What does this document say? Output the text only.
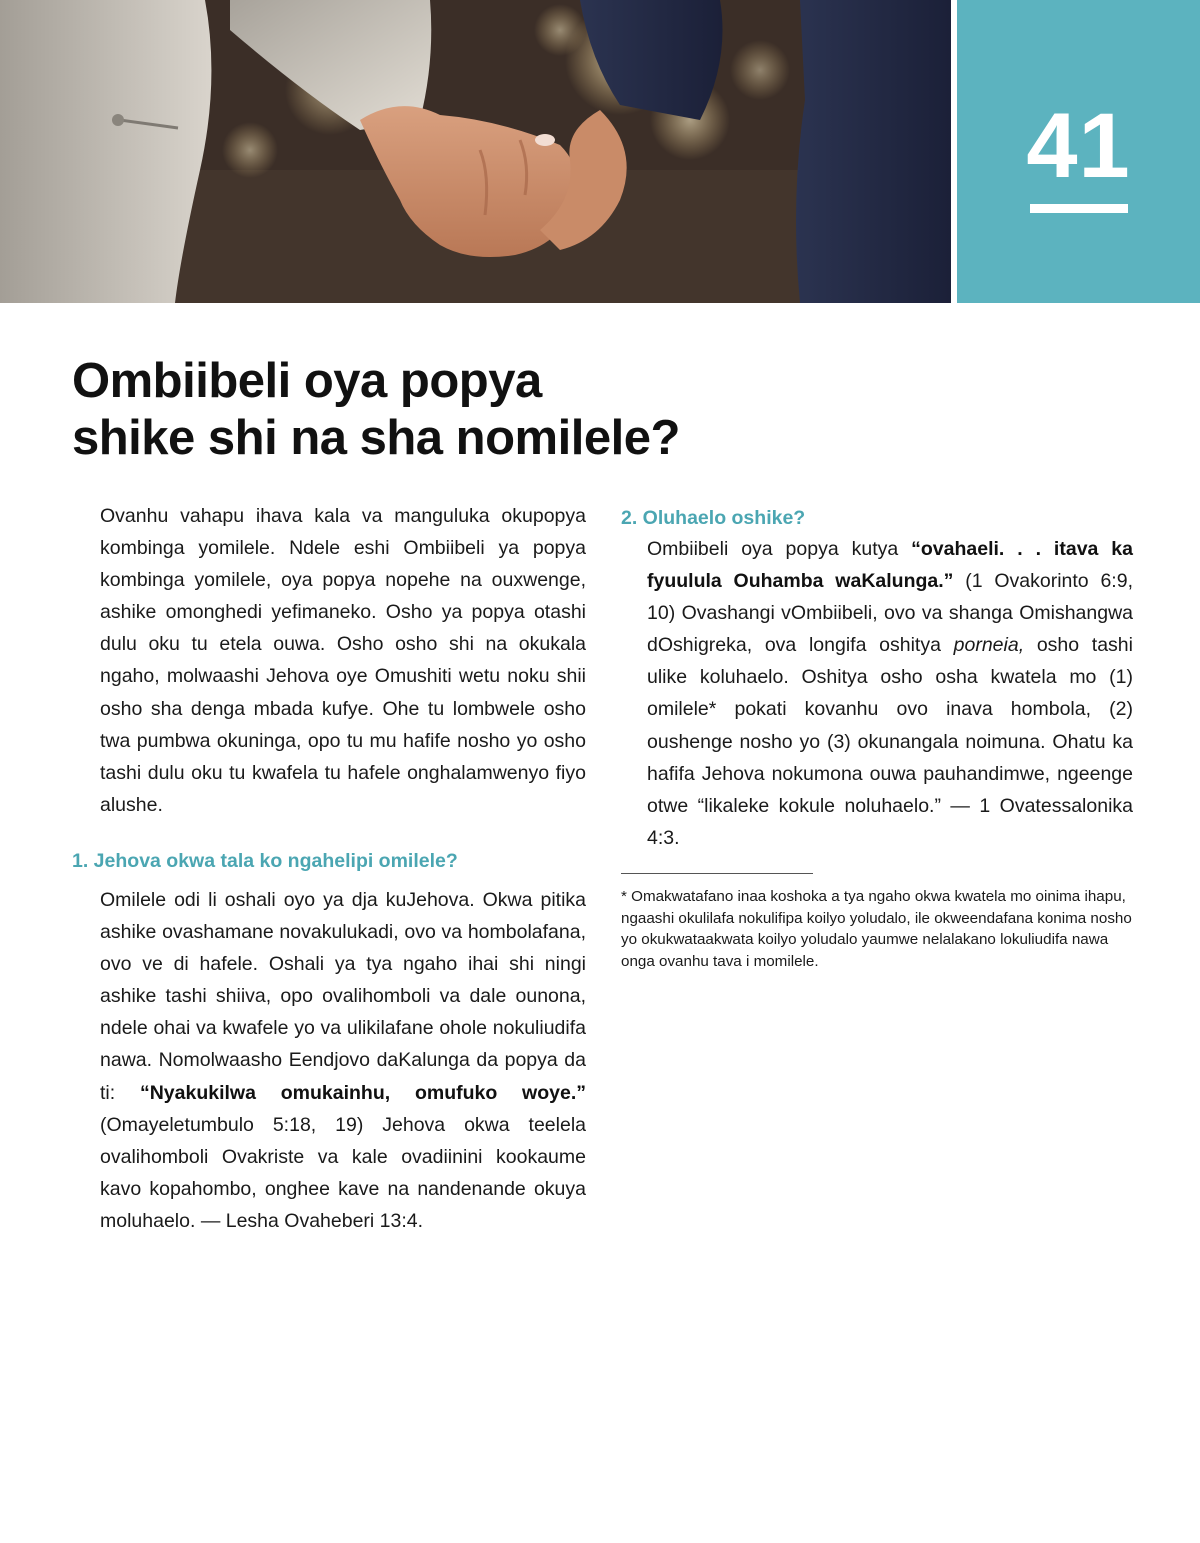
41
Ombiibeli oya popya
shike shi na sha nomilele?

Ovanhu vahapu ihava kala va manguluka okupopya kombinga yomilele. Ndele eshi Ombiibeli ya popya kombinga yomilele, oya popya nopehe na ouxwenge, ashike omonghedi yefimaneko. Osho ya popya otashi dulu oku tu etela ouwa. Osho osho shi na okukala ngaho, molwaashi Jehova oye Omushiti wetu noku shii osho sha denga mbada kufye. Ohe tu lombwele osho twa pumbwa okuninga, opo tu mu hafife nosho yo osho tashi dulu oku tu kwafela tu hafele onghalamwenyo fiyo alushe.

1. Jehova okwa tala ko ngahelipi omilele?

Omilele odi li oshali oyo ya dja kuJehova. Okwa pitika ashike ovashamane novakulukadi, ovo va hombolafana, ovo ve di hafele. Oshali ya tya ngaho ihai shi ningi ashike tashi shiiva, opo ovalihomboli va dale ounona, ndele ohai va kwafele yo va ulikilafane ohole nokuliudifa nawa. Nomolwaasho Eendjovo daKalunga da popya da ti: “Nyakukilwa omukainhu, omufuko woye.” (Omayeletumbulo 5:18, 19) Jehova okwa teelela ovalihomboli Ovakriste va kale ovadiinini kookaume kavo kopahombo, onghee kave na nandenande okuya moluhaelo. — Lesha Ovaheberi 13:4.

2. Oluhaelo oshike?

Ombiibeli oya popya kutya “ovahaeli. . . itava ka fyuulula Ouhamba waKalunga.” (1 Ovakorinto 6:9, 10) Ovashangi vOmbiibeli, ovo va shanga Omishangwa dOshigreka, ova longifa oshitya porneia, osho tashi ulike koluhaelo. Oshitya osho osha kwatela mo (1) omilele* pokati kovanhu ovo inava hombola, (2) oushenge nosho yo (3) okunangala noimuna. Ohatu ka hafifa Jehova nokumona ouwa pauhandimwe, ngeenge otwe “likaleke kokule noluhaelo.” — 1 Ovatessalonika 4:3.

* Omakwatafano inaa koshoka a tya ngaho okwa kwatela mo oinima ihapu, ngaashi okulilafa nokulifipa koilyo yoludalo, ile okweendafana konima nosho yo okukwataakwata koilyo yoludalo yaumwe nelalakano lokuliudifa nawa onga ovanhu tava i momilele.
